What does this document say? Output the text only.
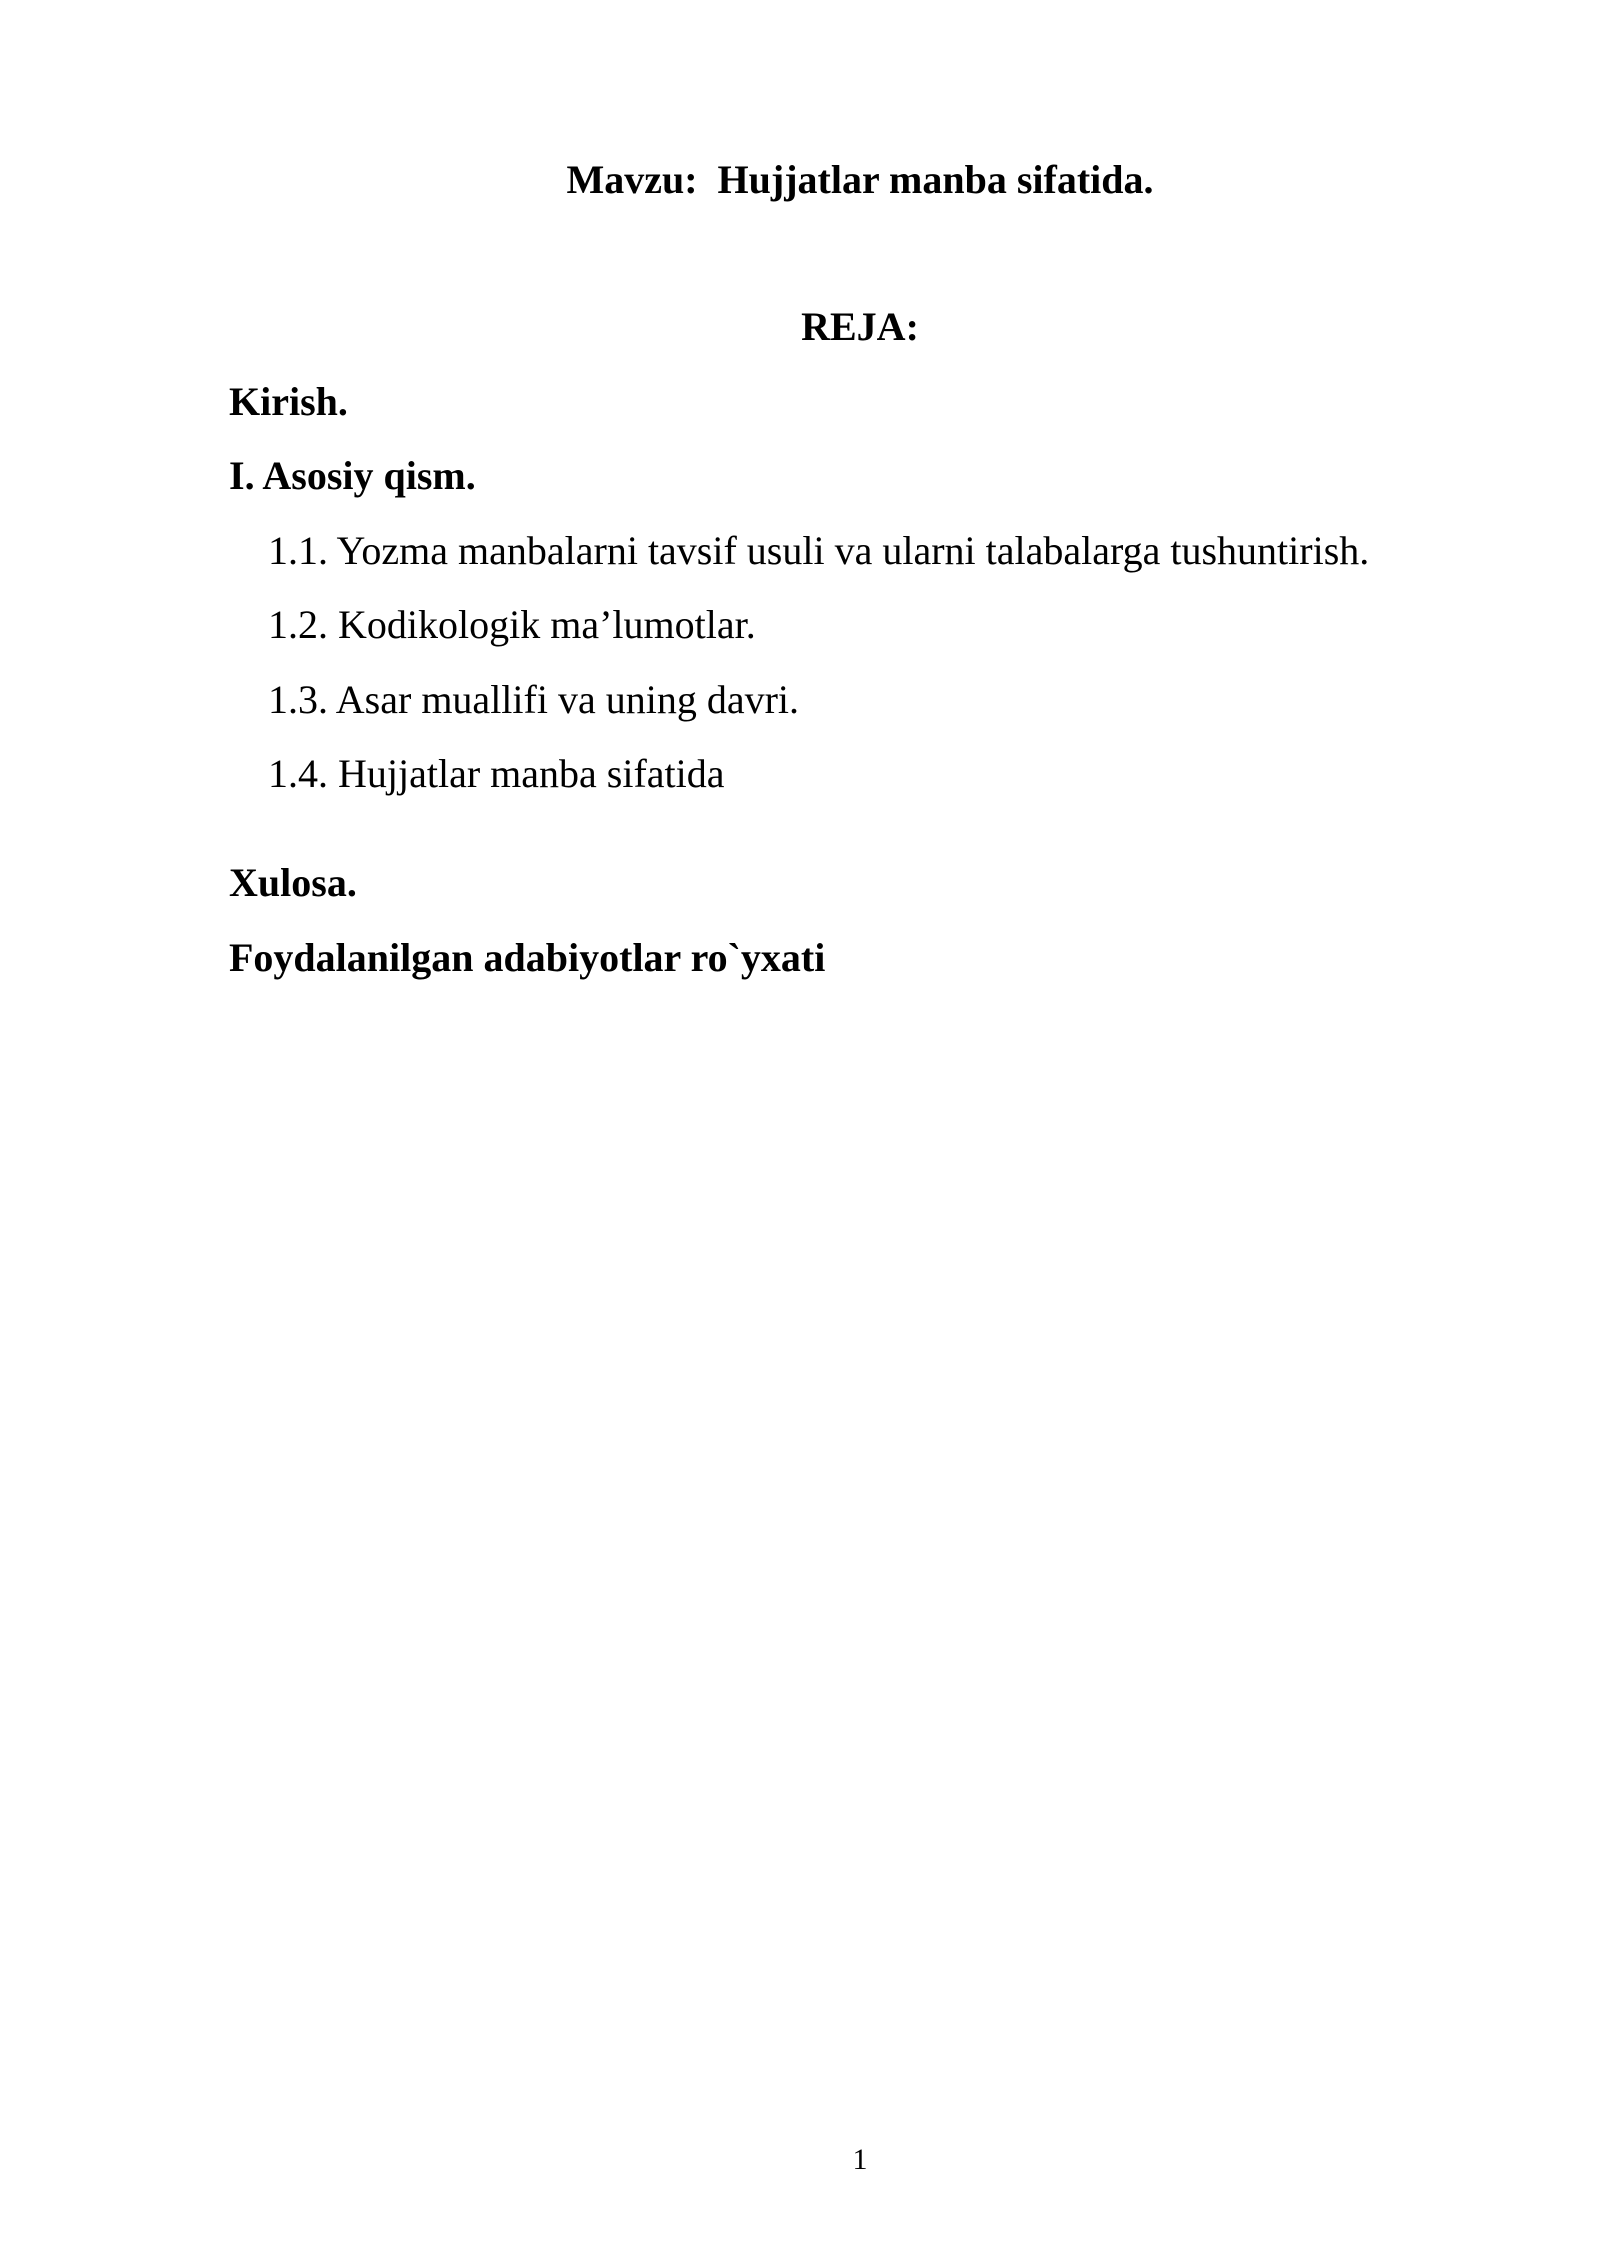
Mavzu:  Hujjatlar manba sifatida.
REJA:
Kirish.
I. Asosiy qism.
1.1. Yozma manbalarni tavsif usuli va ularni talabalarga tushuntirish.
1.2. Kodikologik ma’lumotlar.
1.3. Asar muallifi va uning davri.
1.4. Hujjatlar manba sifatida
Xulosa.
Foydalanilgan adabiyotlar ro`yxati
1
